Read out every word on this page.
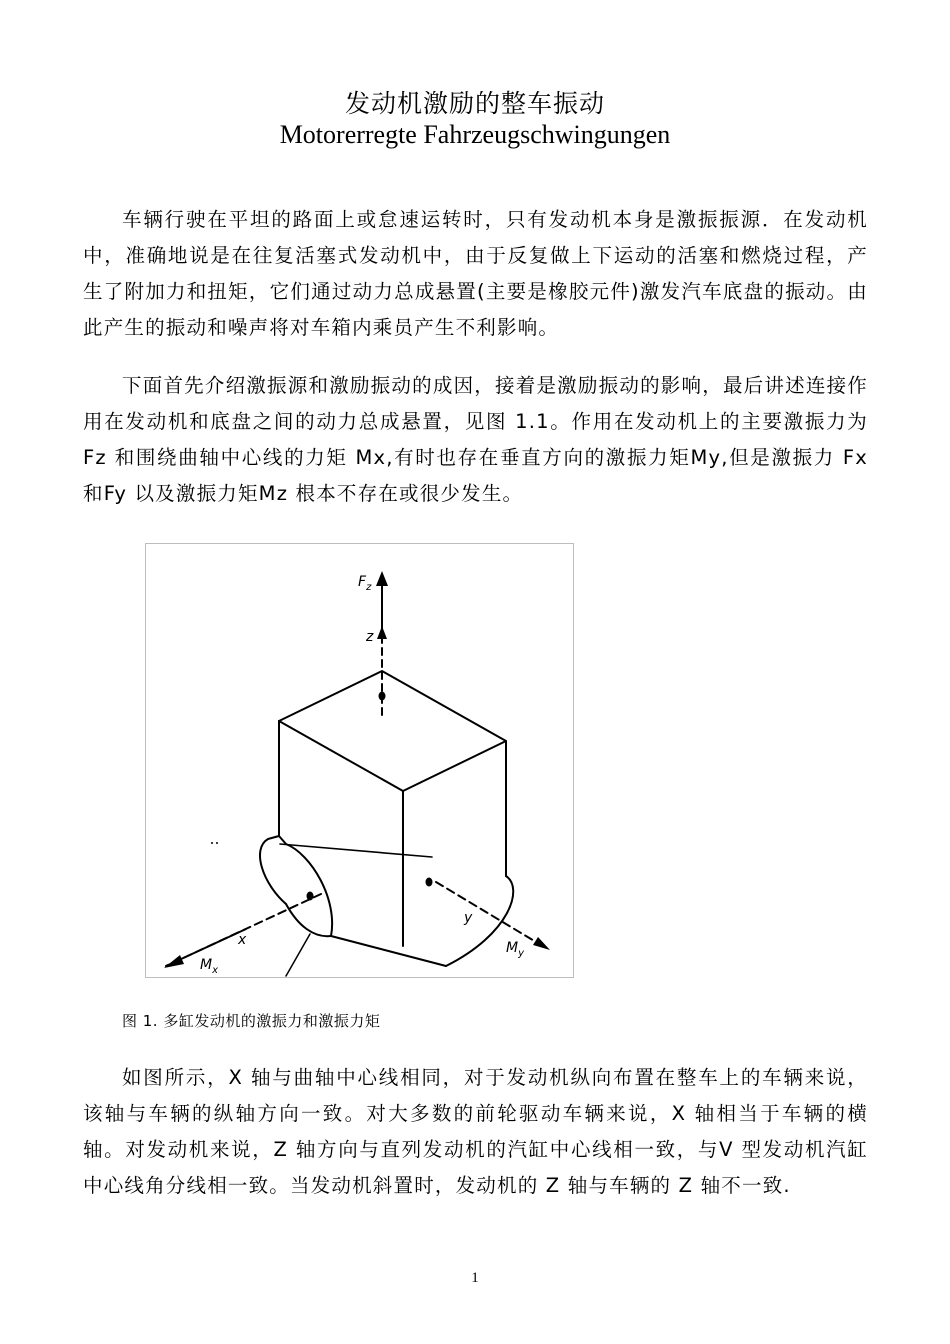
发动机激励的整车振动
Motorerregte Fahrzeugschwingungen

车辆行驶在平坦的路面上或怠速运转时，只有发动机本身是激振振源．在发动机中，准确地说是在往复活塞式发动机中，由于反复做上下运动的活塞和燃烧过程，产生了附加力和扭矩，它们通过动力总成悬置(主要是橡胶元件)激发汽车底盘的振动。由此产生的振动和噪声将对车箱内乘员产生不利影响。

下面首先介绍激振源和激励振动的成因，接着是激励振动的影响，最后讲述连接作用在发动机和底盘之间的动力总成悬置，见图 1.1。作用在发动机上的主要激振力为 Fz 和围绕曲轴中心线的力矩 Mx,有时也存在垂直方向的激振力矩My,但是激振力 Fx 和Fy 以及激振力矩Mz 根本不存在或很少发生。

$F_z$
z
x
y
$M_x$
$M_y$
图 1. 多缸发动机的激振力和激振力矩

如图所示，X 轴与曲轴中心线相同，对于发动机纵向布置在整车上的车辆来说，该轴与车辆的纵轴方向一致。对大多数的前轮驱动车辆来说，X 轴相当于车辆的横轴。对发动机来说，Z 轴方向与直列发动机的汽缸中心线相一致，与V 型发动机汽缸中心线角分线相一致。当发动机斜置时，发动机的 Z 轴与车辆的 Z 轴不一致.

1
